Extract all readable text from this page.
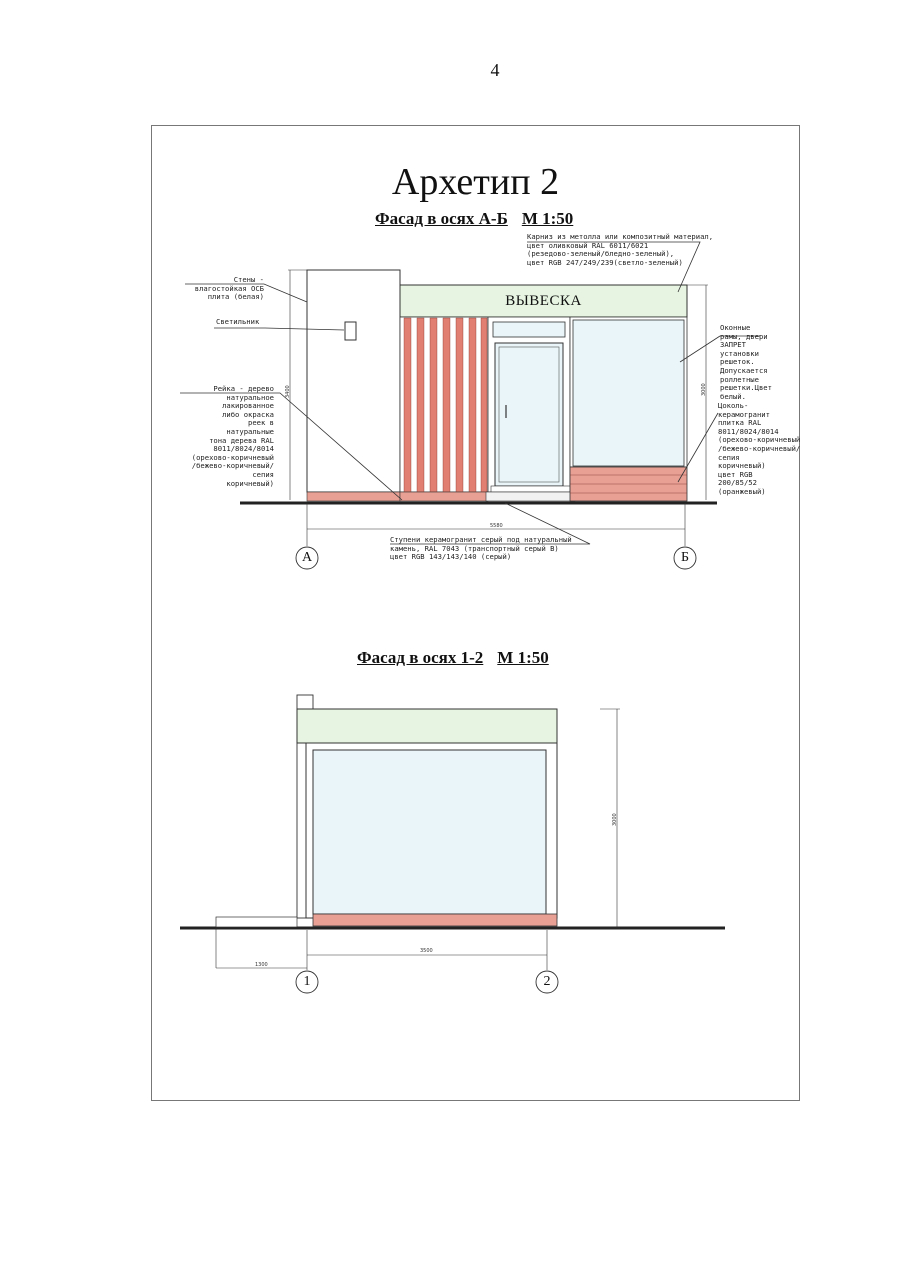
4
Архетип 2
Фасад в осях А-Б М 1:50
Фасад в осях 1-2 М 1:50
ВЫВЕСКА
А	Б
5580
3400	3000
Карниз из метолла или композитный материал,
цвет оливковый RAL 6011/6021
(резедово-зеленый/бледно-зеленый),
цвет RGB 247/249/239(светло-зеленый)
Стены -
влагостойкая ОСБ
плита (белая)
Светильник
Рейка - дерево
натуральное
лакированное
либо окраска
реек в
натуральные
тона дерева RAL
8011/8024/8014
(орехово-коричневый
/бежево-коричневый/
сепия
коричневый)
Оконные
рамы, двери
ЗАПРЕТ
установки
решеток.
Допускается
роллетные
решетки.Цвет
белый.
Цоколь-
керамогранит
плитка RAL
8011/8024/8014
(орехово-коричневый
/бежево-коричневый/
сепия
коричневый)
цвет RGB
200/85/52
(оранжевый)
Ступени керамогранит серый под натуральный
камень, RAL 7043 (транспортный серый B)
цвет RGB 143/143/140 (серый)
1	2
3500
1300
3000
